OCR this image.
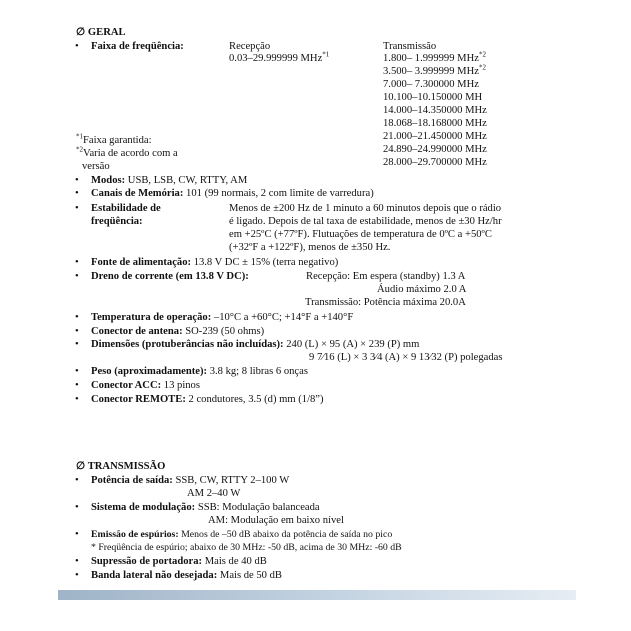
∅ GERAL
•
Faixa de freqüência:	Recepção
0.03–29.999999 MHz$^{*1}$
Transmissão
1.800– 1.999999 MHz$^{*2}$
3.500– 3.999999 MHz$^{*2}$
7.000– 7.300000 MHz
10.100–10.150000 MH
14.000–14.350000 MHz
18.068–18.168000 MHz
21.000–21.450000 MHz
24.890–24.990000 MHz
28.000–29.700000 MHz
$^{*1}$Faixa garantida:
$^{*2}$Varia de acordo com a
versão
•
Modos: USB, LSB, CW, RTTY, AM
•
Canais de Memória: 101 (99 normais, 2 com limite de varredura)
•
Estabilidade de
freqüência:
Menos de ±200 Hz de 1 minuto a 60 minutos depois que o rádio
é ligado. Depois de tal taxa de estabilidade, menos de ±30 Hz/hr
em +25ºC (+77ºF). Flutuações de temperatura de 0ºC a +50ºC
(+32ºF a +122ºF), menos de ±350 Hz.
•
Fonte de alimentação: 13.8 V DC ± 15% (terra negativo)
•
Dreno de corrente (em 13.8 V DC):	Recepção: Em espera (standby) 1.3 A
Áudio máximo 2.0 A
Transmissão: Potência máxima 20.0A
•
Temperatura de operação: –10°C a +60°C; +14°F a +140°F
•
Conector de antena: SO-239 (50 ohms)
•
Dimensões (protuberâncias não incluídas): 240 (L) × 95 (A) × 239 (P) mm
9 7⁄16 (L) × 3 3⁄4 (A) × 9 13⁄32 (P) polegadas
•
Peso (aproximadamente): 3.8 kg; 8 libras 6 onças
•
Conector ACC: 13 pinos
•
Conector REMOTE: 2 condutores, 3.5 (d) mm (1/8”)
∅ TRANSMISSÃO
•
Potência de saída: SSB, CW, RTTY 2–100 W
AM 2–40 W
•
Sistema de modulação: SSB: Modulação balanceada
AM: Modulação em baixo nível
•
Emissão de espúrios: Menos de –50 dB abaixo da potência de saída no pico
* Freqüência de espúrio; abaixo de 30 MHz: -50 dB, acima de 30 MHz: -60 dB
•
Supressão de portadora: Mais de 40 dB
•
Banda lateral não desejada: Mais de 50 dB
